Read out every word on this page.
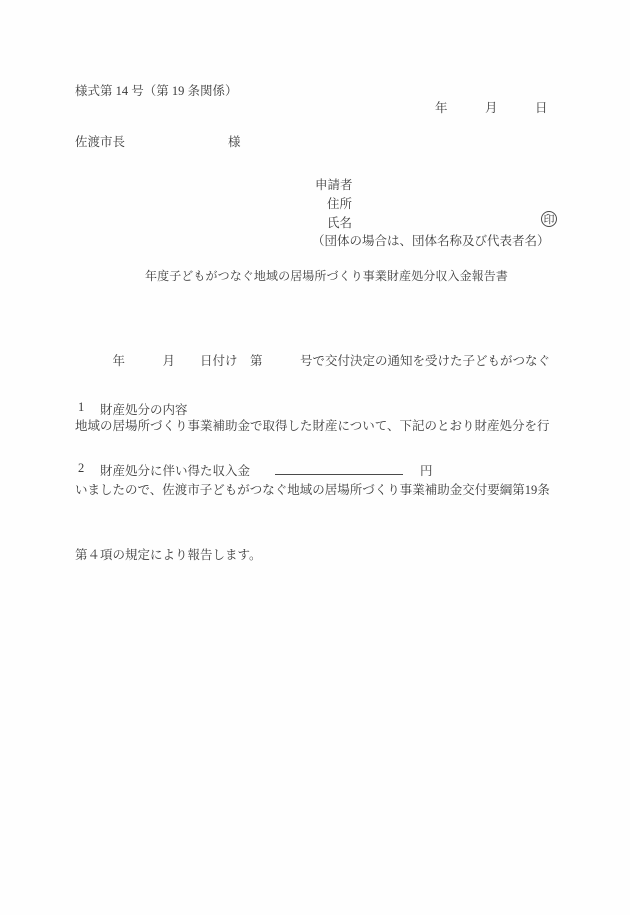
様式第 14 号（第 19 条関係）
年　　　月　　　日
佐渡市長	様
申請者
住所
氏名	印
（団体の場合は、団体名称及び代表者名）
年度子どもがつなぐ地域の居場所づくり事業財産処分収入金報告書

　　　年　　　月　　日付け　第　　　号で交付決定の通知を受けた子どもがつなぐ

地域の居場所づくり事業補助金で取得した財産について、下記のとおり財産処分を行

いましたので、佐渡市子どもがつなぐ地域の居場所づくり事業補助金交付要綱第19条

第４項の規定により報告します。

1 財産処分の内容
2 財産処分に伴い得た収入金	円
